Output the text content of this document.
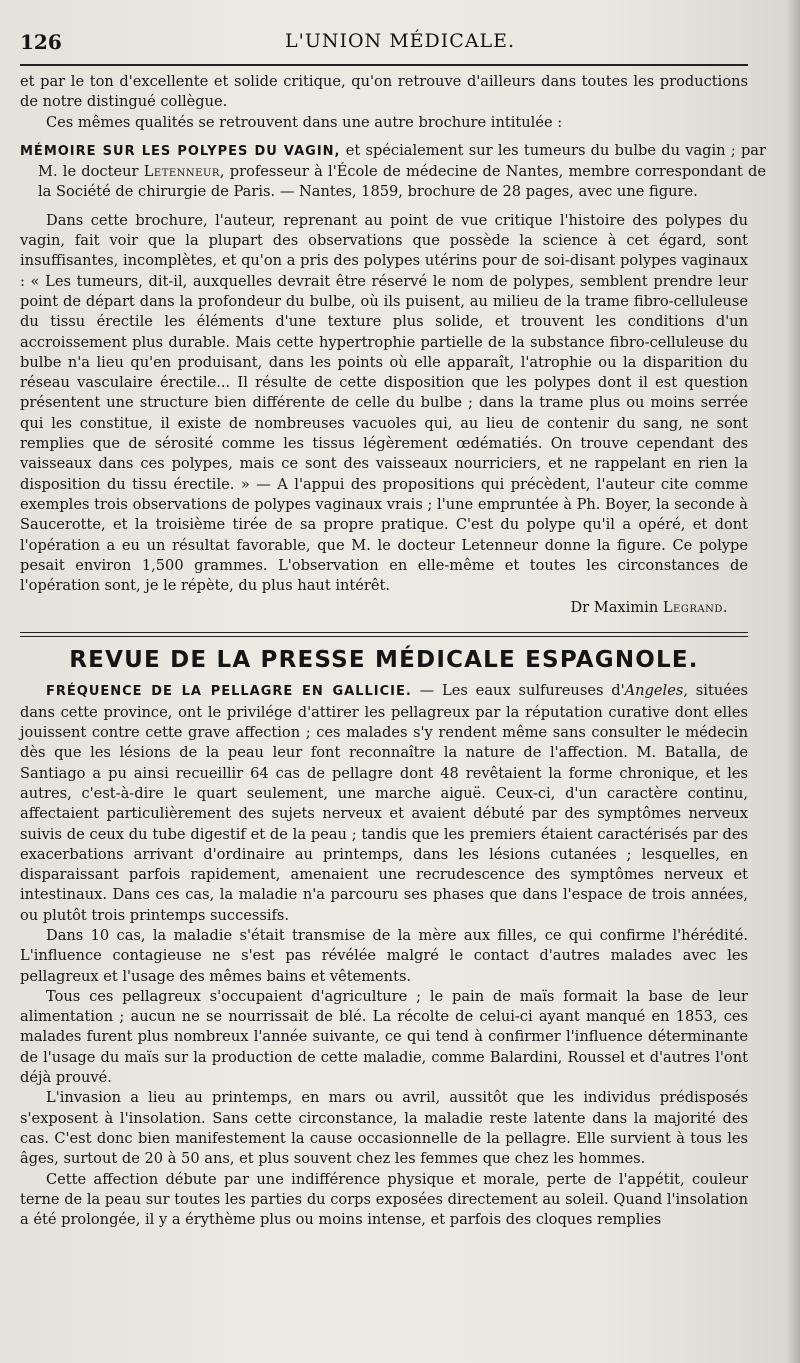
126	L'UNION MÉDICALE.

et par le ton d'excellente et solide critique, qu'on retrouve d'ailleurs dans toutes les productions de notre distingué collègue.

Ces mêmes qualités se retrouvent dans une autre brochure intitulée :

MÉMOIRE SUR LES POLYPES DU VAGIN, et spécialement sur les tumeurs du bulbe du vagin ; par M. le docteur Letenneur, professeur à l'École de médecine de Nantes, membre correspondant de la Société de chirurgie de Paris. — Nantes, 1859, brochure de 28 pages, avec une figure.

Dans cette brochure, l'auteur, reprenant au point de vue critique l'histoire des polypes du vagin, fait voir que la plupart des observations que possède la science à cet égard, sont insuffisantes, incomplètes, et qu'on a pris des polypes utérins pour de soi-disant polypes vaginaux : « Les tumeurs, dit-il, auxquelles devrait être réservé le nom de polypes, semblent prendre leur point de départ dans la profondeur du bulbe, où ils puisent, au milieu de la trame fibro-celluleuse du tissu érectile les éléments d'une texture plus solide, et trouvent les conditions d'un accroissement plus durable. Mais cette hypertrophie partielle de la substance fibro-celluleuse du bulbe n'a lieu qu'en produisant, dans les points où elle apparaît, l'atrophie ou la disparition du réseau vasculaire érectile... Il résulte de cette disposition que les polypes dont il est question présentent une structure bien différente de celle du bulbe ; dans la trame plus ou moins serrée qui les constitue, il existe de nombreuses vacuoles qui, au lieu de contenir du sang, ne sont remplies que de sérosité comme les tissus légèrement œdématiés. On trouve cependant des vaisseaux dans ces polypes, mais ce sont des vaisseaux nourriciers, et ne rappelant en rien la disposition du tissu érectile. » — A l'appui des propositions qui précèdent, l'auteur cite comme exemples trois observations de polypes vaginaux vrais ; l'une empruntée à Ph. Boyer, la seconde à Saucerotte, et la troisième tirée de sa propre pratique. C'est du polype qu'il a opéré, et dont l'opération a eu un résultat favorable, que M. le docteur Letenneur donne la figure. Ce polype pesait environ 1,500 grammes. L'observation en elle-même et toutes les circonstances de l'opération sont, je le répète, du plus haut intérêt.

Dr Maximin Legrand.
REVUE DE LA PRESSE MÉDICALE ESPAGNOLE.

FRÉQUENCE DE LA PELLAGRE EN GALLICIE. — Les eaux sulfureuses d'Angeles, situées dans cette province, ont le privilége d'attirer les pellagreux par la réputation curative dont elles jouissent contre cette grave affection ; ces malades s'y rendent même sans consulter le médecin dès que les lésions de la peau leur font reconnaître la nature de l'affection. M. Batalla, de Santiago a pu ainsi recueillir 64 cas de pellagre dont 48 revêtaient la forme chronique, et les autres, c'est-à-dire le quart seulement, une marche aiguë. Ceux-ci, d'un caractère continu, affectaient particulièrement des sujets nerveux et avaient débuté par des symptômes nerveux suivis de ceux du tube digestif et de la peau ; tandis que les premiers étaient caractérisés par des exacerbations arrivant d'ordinaire au printemps, dans les lésions cutanées ; lesquelles, en disparaissant parfois rapidement, amenaient une recrudescence des symptômes nerveux et intestinaux. Dans ces cas, la maladie n'a parcouru ses phases que dans l'espace de trois années, ou plutôt trois printemps successifs.

Dans 10 cas, la maladie s'était transmise de la mère aux filles, ce qui confirme l'hérédité. L'influence contagieuse ne s'est pas révélée malgré le contact d'autres malades avec les pellagreux et l'usage des mêmes bains et vêtements.

Tous ces pellagreux s'occupaient d'agriculture ; le pain de maïs formait la base de leur alimentation ; aucun ne se nourrissait de blé. La récolte de celui-ci ayant manqué en 1853, ces malades furent plus nombreux l'année suivante, ce qui tend à confirmer l'influence déterminante de l'usage du maïs sur la production de cette maladie, comme Balardini, Roussel et d'autres l'ont déjà prouvé.

L'invasion a lieu au printemps, en mars ou avril, aussitôt que les individus prédisposés s'exposent à l'insolation. Sans cette circonstance, la maladie reste latente dans la majorité des cas. C'est donc bien manifestement la cause occasionnelle de la pellagre. Elle survient à tous les âges, surtout de 20 à 50 ans, et plus souvent chez les femmes que chez les hommes.

Cette affection débute par une indifférence physique et morale, perte de l'appétit, couleur terne de la peau sur toutes les parties du corps exposées directement au soleil. Quand l'insolation a été prolongée, il y a érythème plus ou moins intense, et parfois des cloques remplies
